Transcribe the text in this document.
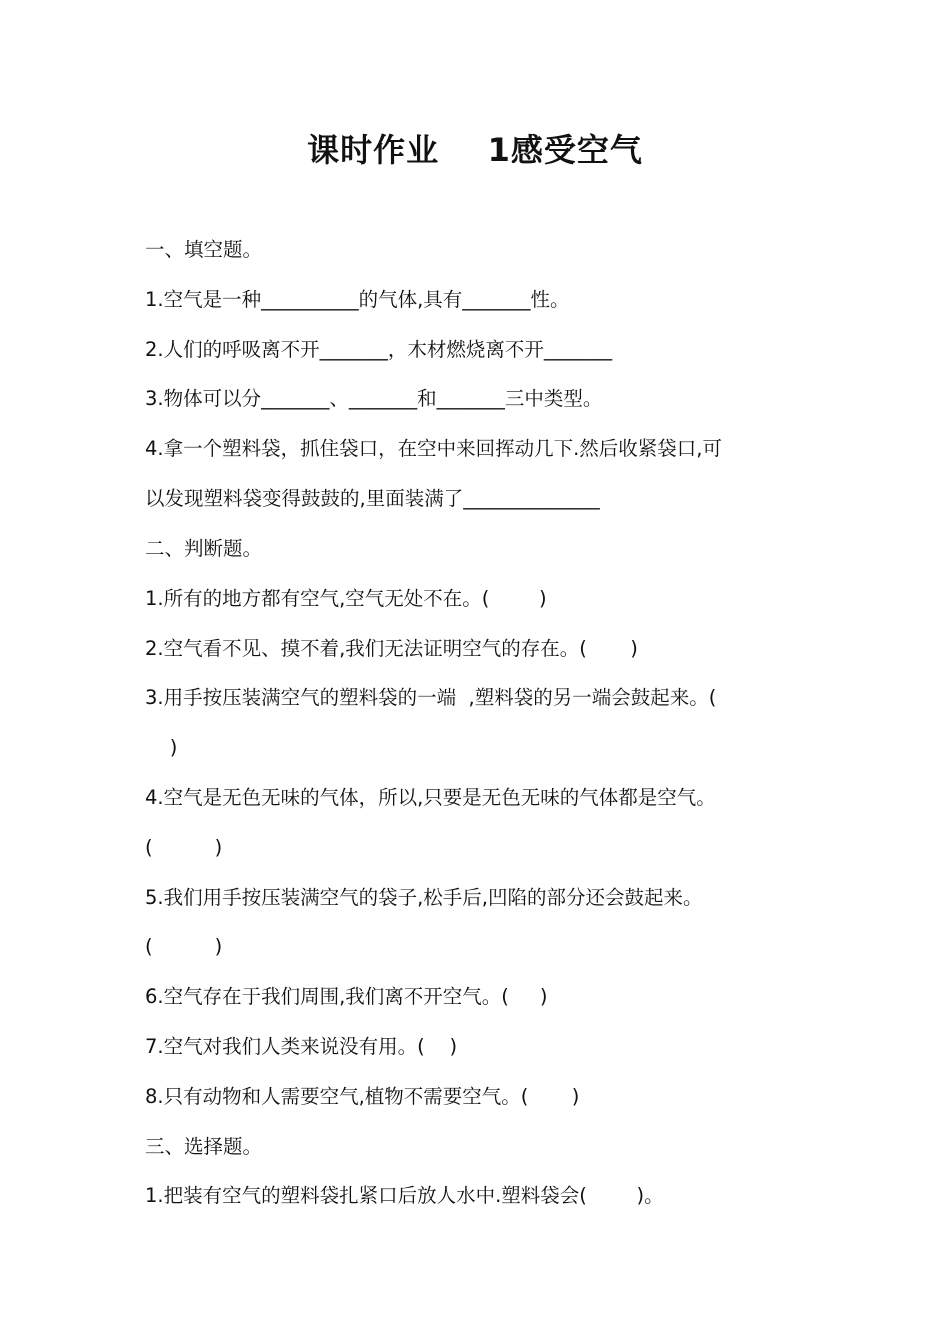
课时作业    1感受空气
一、填空题。
1.空气是一种__________的气体,具有_______性。
2.人们的呼吸离不开_______，木材燃烧离不开_______
3.物体可以分_______、_______和_______三中类型。
4.拿一个塑料袋，抓住袋口，在空中来回挥动几下.然后收紧袋口,可
以发现塑料袋变得鼓鼓的,里面装满了______________
二、判断题。
1.所有的地方都有空气,空气无处不在。(        )
2.空气看不见、摸不着,我们无法证明空气的存在。(       )
3.用手按压装满空气的塑料袋的一端  ,塑料袋的另一端会鼓起来。(
)
4.空气是无色无味的气体，所以,只要是无色无味的气体都是空气。
(          )
5.我们用手按压装满空气的袋子,松手后,凹陷的部分还会鼓起来。
(          )
6.空气存在于我们周围,我们离不开空气。(     )
7.空气对我们人类来说没有用。(    )
8.只有动物和人需要空气,植物不需要空气。(       )
三、选择题。
1.把装有空气的塑料袋扎紧口后放人水中.塑料袋会(        )。
